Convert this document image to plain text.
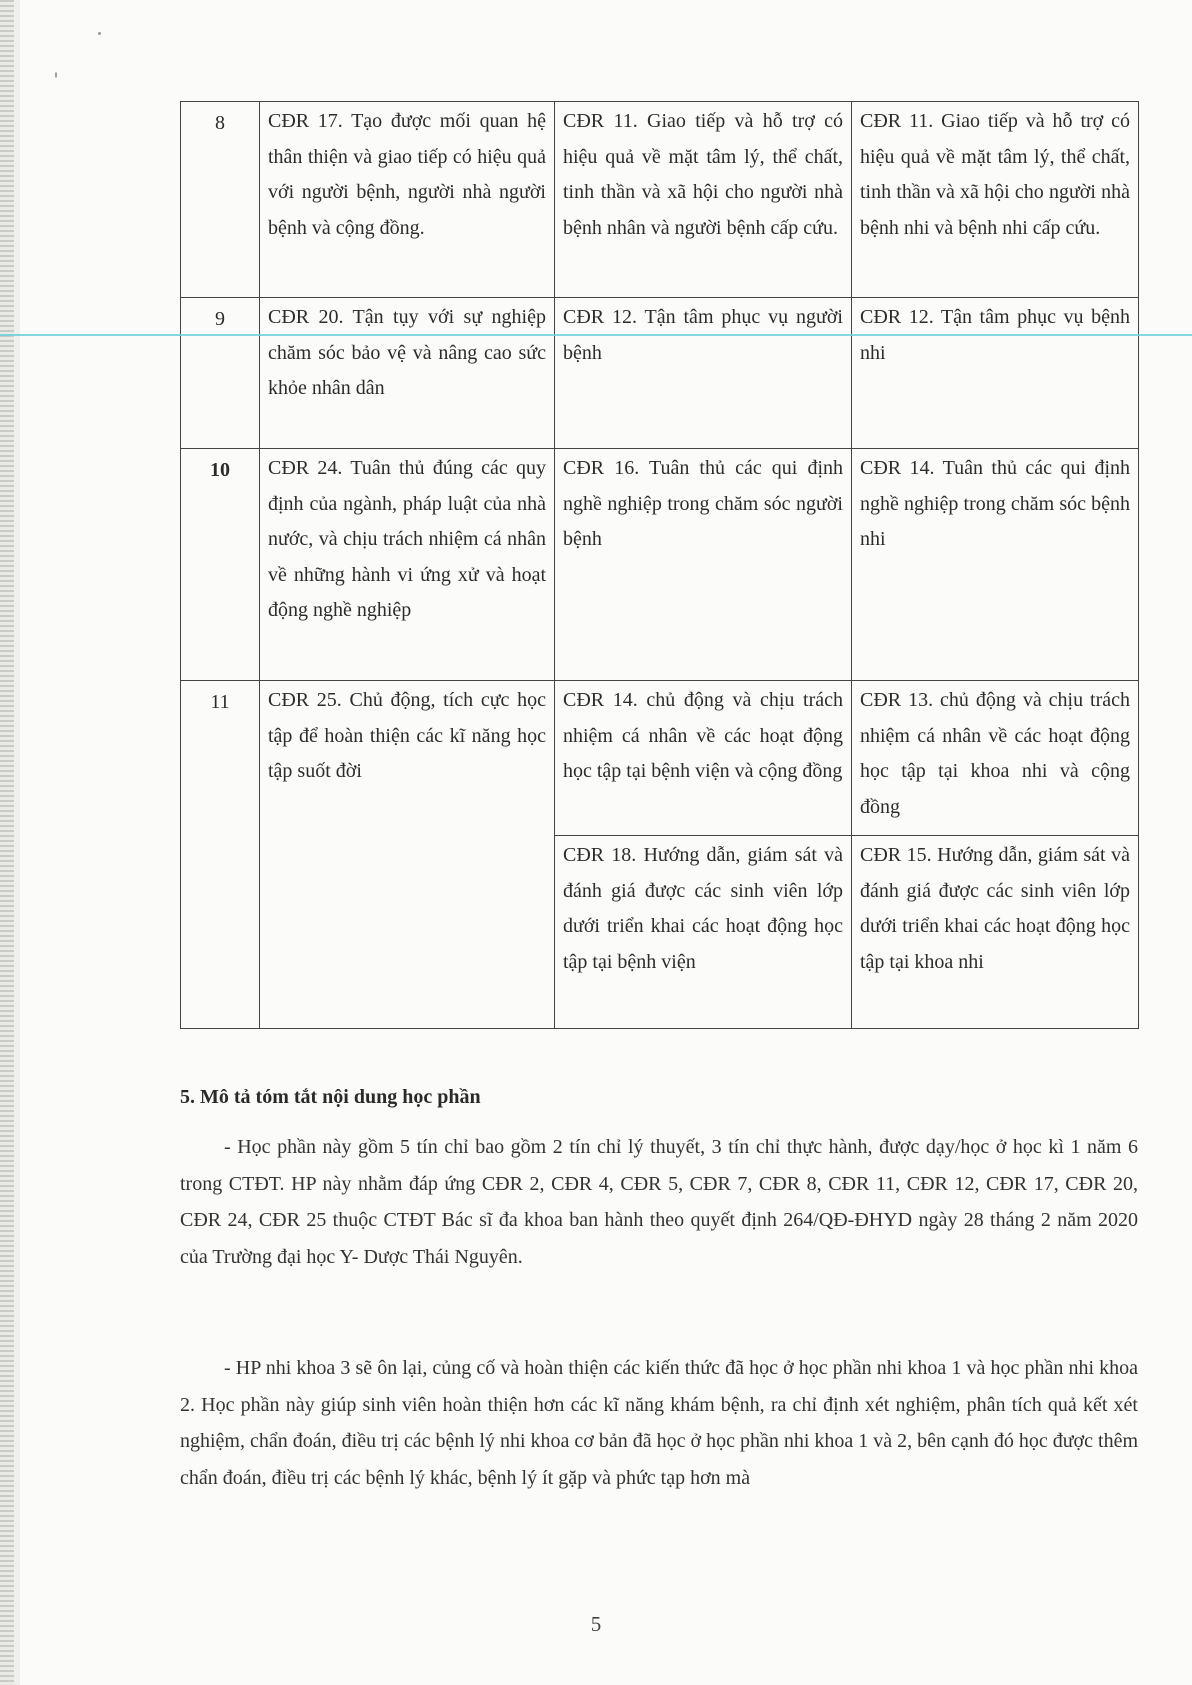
8	CĐR 17. Tạo được mối quan hệ thân thiện và giao tiếp có hiệu quả với người bệnh, người nhà người bệnh và cộng đồng.	CĐR 11. Giao tiếp và hỗ trợ có hiệu quả về mặt tâm lý, thể chất, tinh thần và xã hội cho người nhà bệnh nhân và người bệnh cấp cứu.	CĐR 11. Giao tiếp và hỗ trợ có hiệu quả về mặt tâm lý, thể chất, tinh thần và xã hội cho người nhà bệnh nhi và bệnh nhi cấp cứu.

9	CĐR 20. Tận tụy với sự nghiệp chăm sóc bảo vệ và nâng cao sức khỏe nhân dân	CĐR 12. Tận tâm phục vụ người bệnh	CĐR 12. Tận tâm phục vụ bệnh nhi

10	CĐR 24. Tuân thủ đúng các quy định của ngành, pháp luật của nhà nước, và chịu trách nhiệm cá nhân về những hành vi ứng xử và hoạt động nghề nghiệp	CĐR 16. Tuân thủ các qui định nghề nghiệp trong chăm sóc người bệnh	CĐR 14. Tuân thủ các qui định nghề nghiệp trong chăm sóc bệnh nhi

11	CĐR 25. Chủ động, tích cực học tập để hoàn thiện các kĩ năng học tập suốt đời	CĐR 14. chủ động và chịu trách nhiệm cá nhân về các hoạt động học tập tại bệnh viện và cộng đồng	CĐR 13. chủ động và chịu trách nhiệm cá nhân về các hoạt động học tập tại khoa nhi và cộng đồng

		CĐR 18. Hướng dẫn, giám sát và đánh giá được các sinh viên lớp dưới triển khai các hoạt động học tập tại bệnh viện	CĐR 15. Hướng dẫn, giám sát và đánh giá được các sinh viên lớp dưới triển khai các hoạt động học tập tại khoa nhi
5. Mô tả tóm tắt nội dung học phần

- Học phần này gồm 5 tín chỉ bao gồm 2 tín chỉ lý thuyết, 3 tín chỉ thực hành, được dạy/học ở học kì 1 năm 6 trong CTĐT. HP này nhằm đáp ứng CĐR 2, CĐR 4, CĐR 5, CĐR 7, CĐR 8, CĐR 11, CĐR 12, CĐR 17, CĐR 20, CĐR 24, CĐR 25 thuộc CTĐT Bác sĩ đa khoa ban hành theo quyết định 264/QĐ-ĐHYD ngày 28 tháng 2 năm 2020 của Trường đại học Y- Dược Thái Nguyên.

- HP nhi khoa 3 sẽ ôn lại, củng cố và hoàn thiện các kiến thức đã học ở học phần nhi khoa 1 và học phần nhi khoa 2. Học phần này giúp sinh viên hoàn thiện hơn các kĩ năng khám bệnh, ra chỉ định xét nghiệm, phân tích quả kết xét nghiệm, chẩn đoán, điều trị các bệnh lý nhi khoa cơ bản đã học ở học phần nhi khoa 1 và 2, bên cạnh đó học được thêm chẩn đoán, điều trị các bệnh lý khác, bệnh lý ít gặp và phức tạp hơn mà

5
